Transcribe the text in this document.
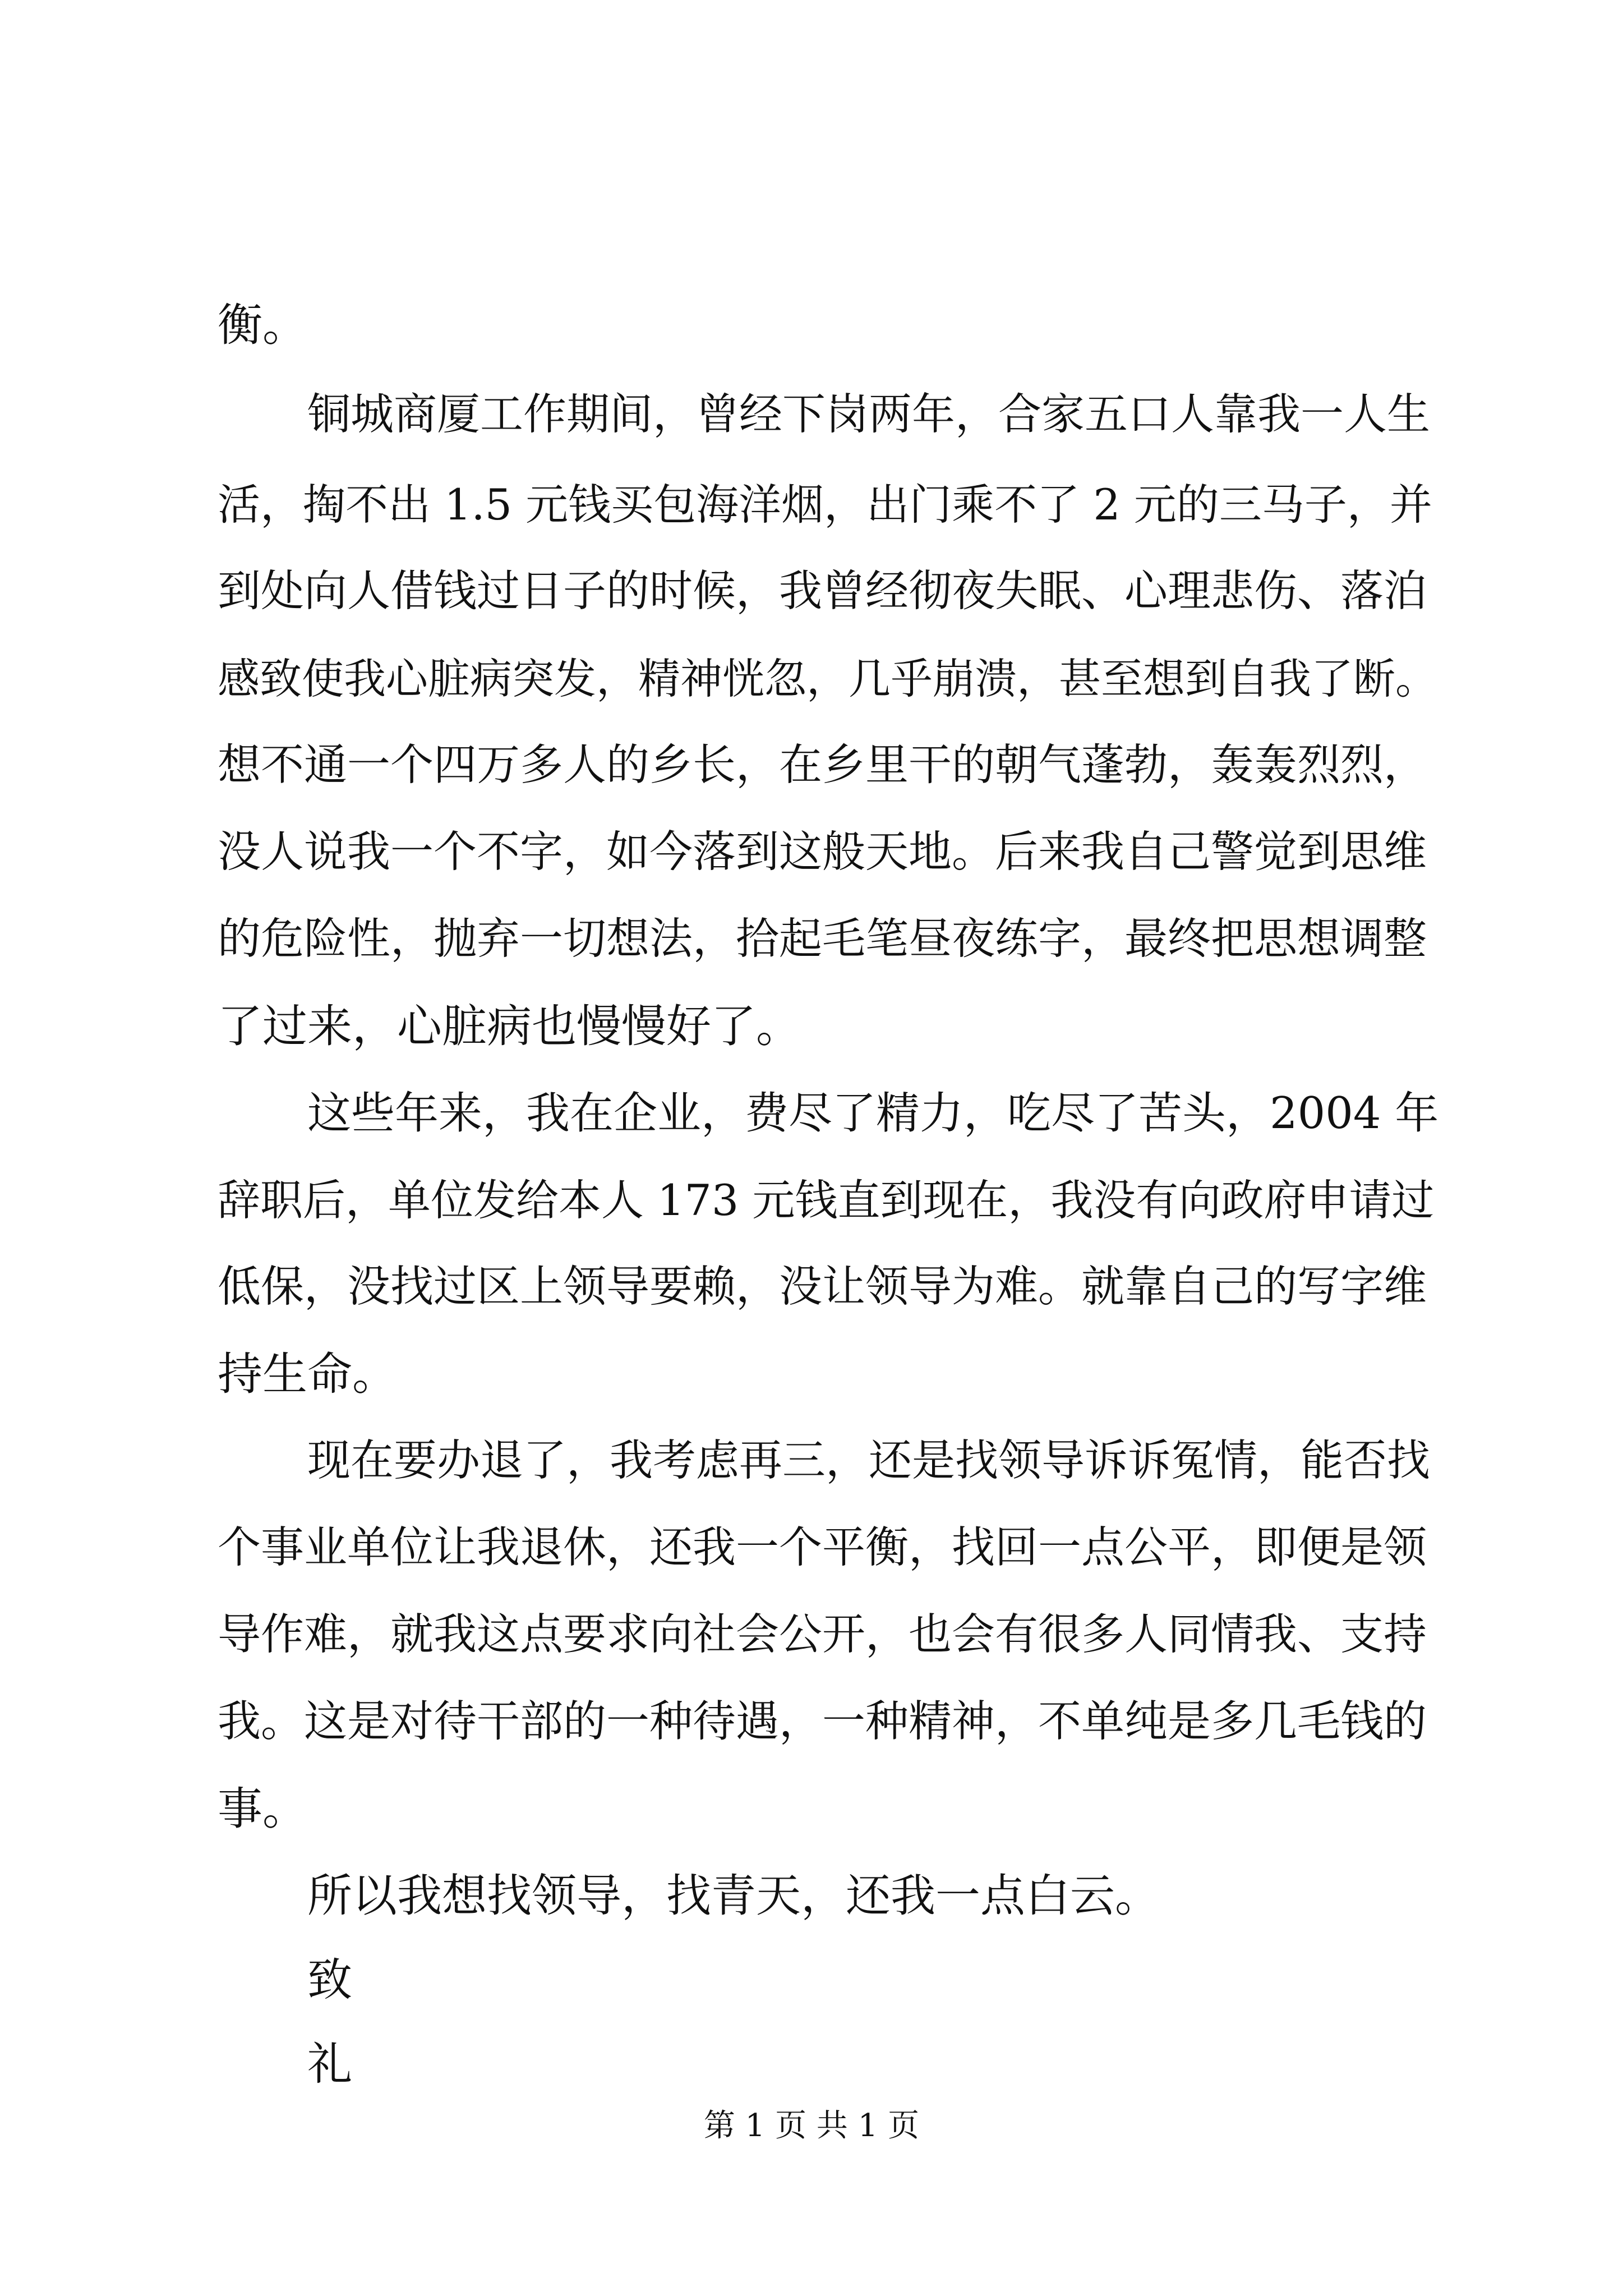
衡。
铜城商厦工作期间，曾经下岗两年，合家五口人靠我一人生
活，掏不出 1.5 元钱买包海洋烟，出门乘不了 2 元的三马子，并
到处向人借钱过日子的时候，我曾经彻夜失眠、心理悲伤、落泊
感致使我心脏病突发，精神恍忽，几乎崩溃，甚至想到自我了断。
想不通一个四万多人的乡长，在乡里干的朝气蓬勃，轰轰烈烈，
没人说我一个不字，如今落到这般天地。后来我自己警觉到思维
的危险性，抛弃一切想法，拾起毛笔昼夜练字，最终把思想调整
了过来，心脏病也慢慢好了。
这些年来，我在企业，费尽了精力，吃尽了苦头，2004 年
辞职后，单位发给本人 173 元钱直到现在，我没有向政府申请过
低保，没找过区上领导要赖，没让领导为难。就靠自己的写字维
持生命。
现在要办退了，我考虑再三，还是找领导诉诉冤情，能否找
个事业单位让我退休，还我一个平衡，找回一点公平，即便是领
导作难，就我这点要求向社会公开，也会有很多人同情我、支持
我。这是对待干部的一种待遇，一种精神，不单纯是多几毛钱的
事。
所以我想找领导，找青天，还我一点白云。
致
礼
第 1 页 共 1 页
